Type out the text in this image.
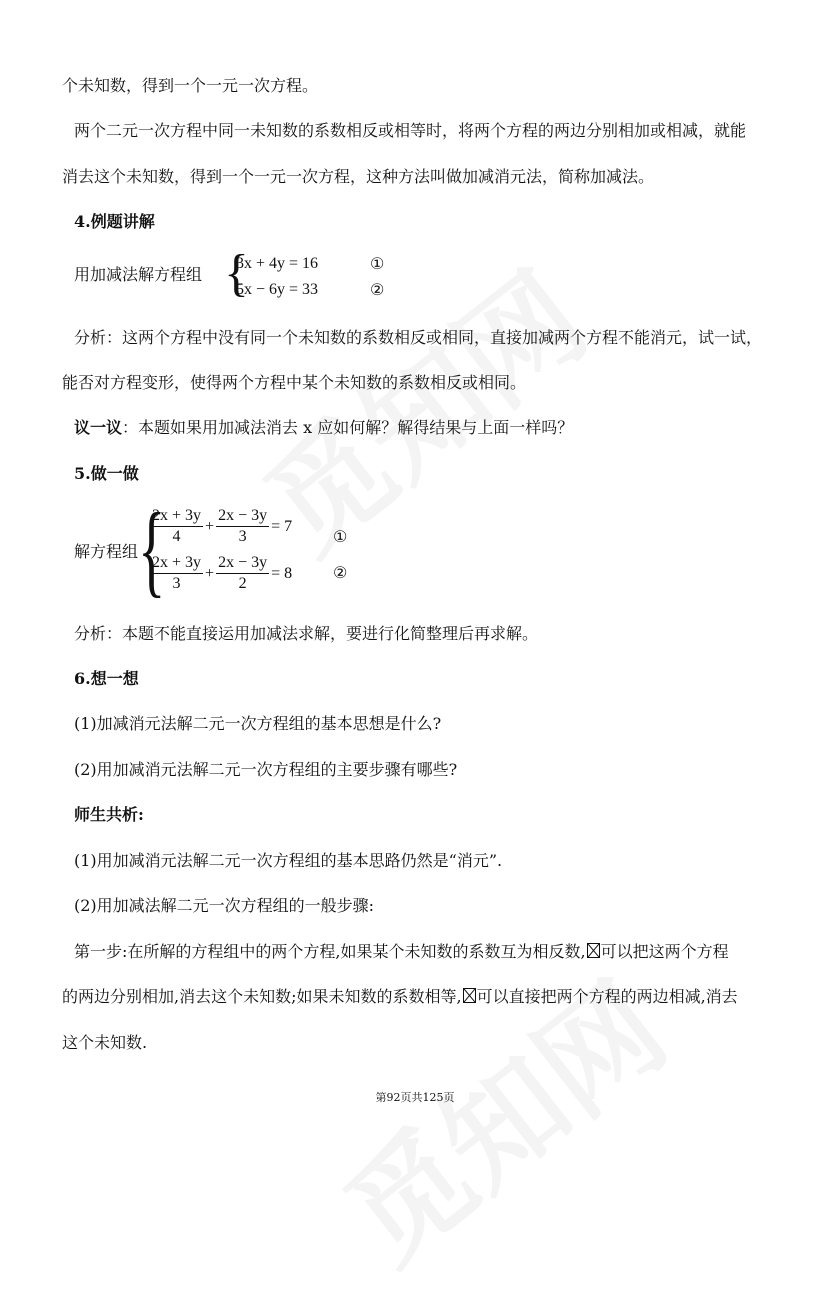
个未知数，得到一个一元一次方程。
两个二元一次方程中同一未知数的系数相反或相等时，将两个方程的两边分别相加或相减，就能
消去这个未知数，得到一个一元一次方程，这种方法叫做加减消元法，简称加减法。
4.例题讲解
用加减法解方程组 {
3x + 4y = 16
5x − 6y = 33
①
②
分析：这两个方程中没有同一个未知数的系数相反或相同，直接加减两个方程不能消元，试一试，
能否对方程变形，使得两个方程中某个未知数的系数相反或相同。
议一议：本题如果用加减法消去 x 应如何解？解得结果与上面一样吗？
5.做一做
解方程组 {
$\frac{2x + 3y}{4} + \frac{2x - 3y}{3} = 7$
①
$\frac{2x + 3y}{3} + \frac{2x - 3y}{2} = 8$	②
分析：本题不能直接运用加减法求解，要进行化简整理后再求解。
6.想一想
(1)加减消元法解二元一次方程组的基本思想是什么?
(2)用加减消元法解二元一次方程组的主要步骤有哪些?
师生共析:
(1)用加减消元法解二元一次方程组的基本思路仍然是“消元”.
(2)用加减法解二元一次方程组的一般步骤:
第一步:在所解的方程组中的两个方程,如果某个未知数的系数互为相反数, 可以把这两个方程
的两边分别相加,消去这个未知数;如果未知数的系数相等, 可以直接把两个方程的两边相减,消去
这个未知数.
第92页共125页
